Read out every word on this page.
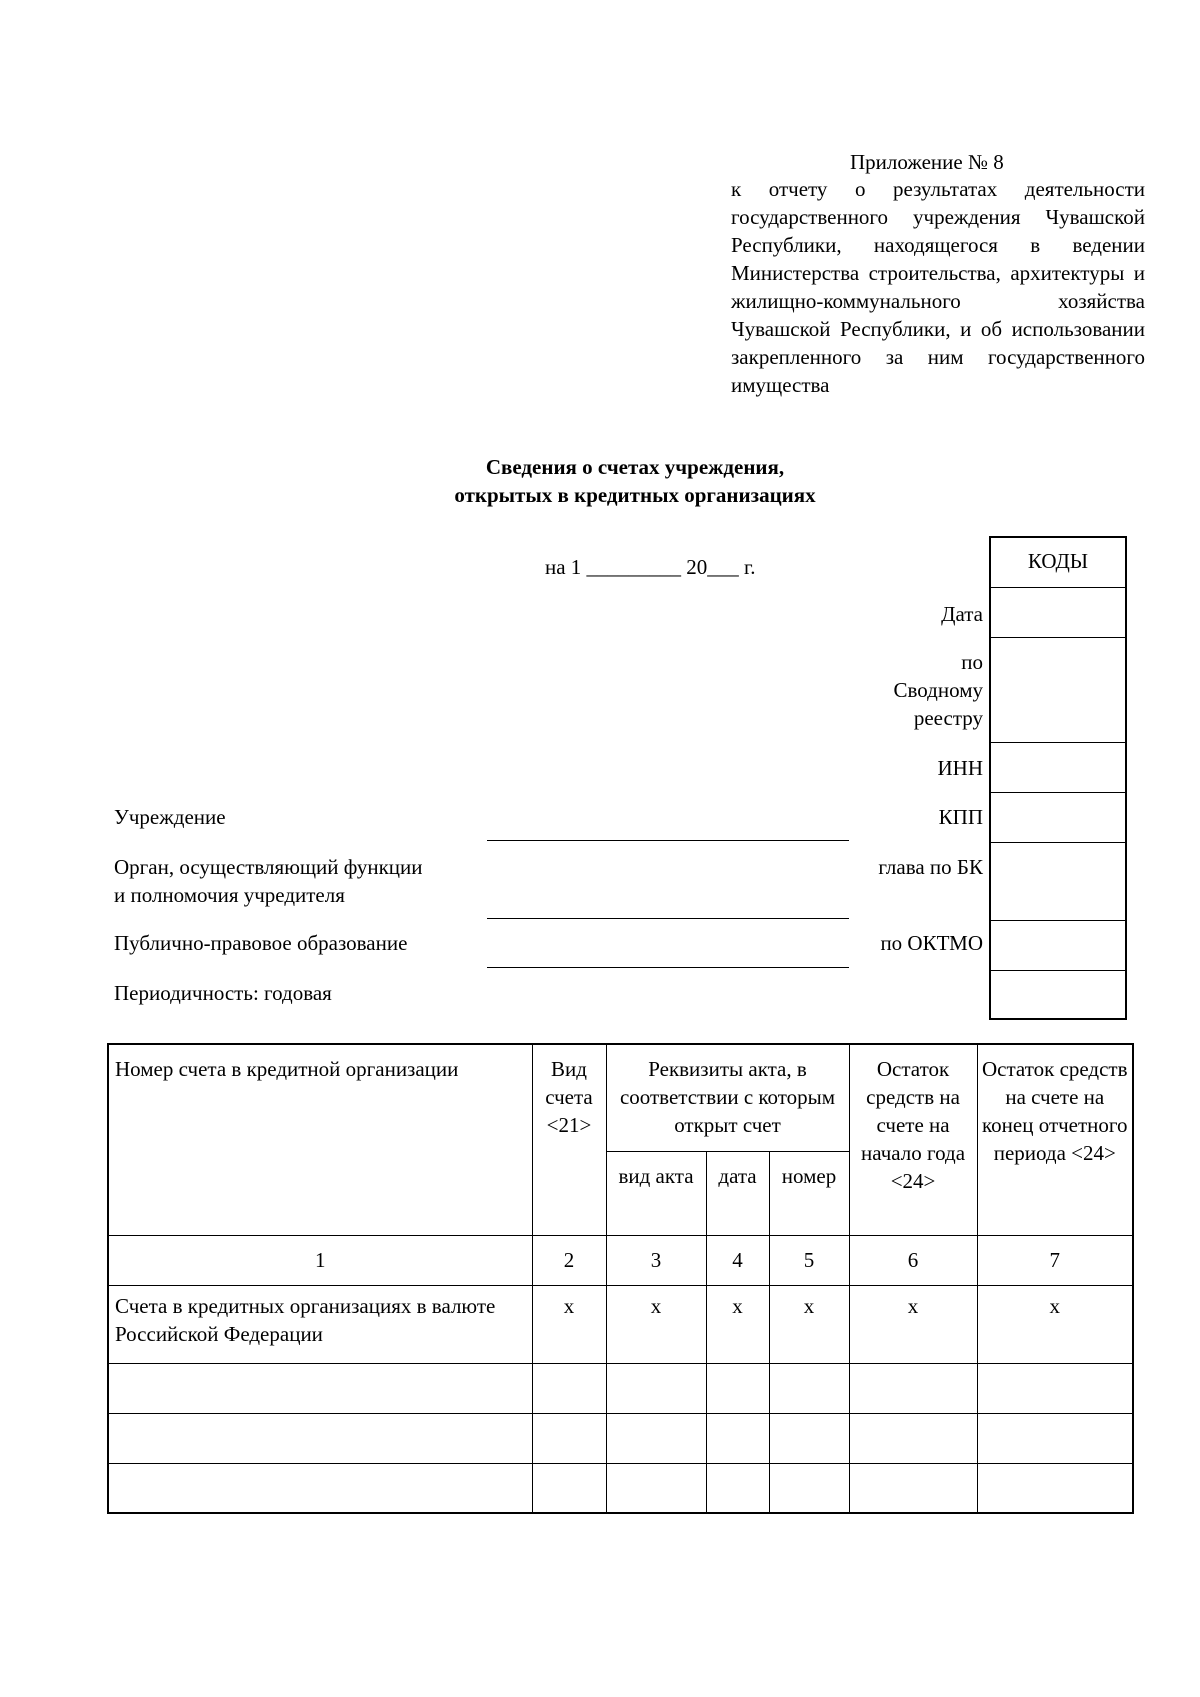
Приложение № 8
к отчету о результатах деятельности государственного учреждения Чувашской Республики, находящегося в ведении Министерства строительства, архитектуры и жилищно-коммунального хозяйства Чувашской Республики, и об использовании закрепленного за ним государственного имущества
Сведения о счетах учреждения,
открытых в кредитных организациях
на 1 _________ 20___ г.	КОДЫ
Дата
по
Сводному
реестру
ИНН
КПП
глава по БК
по ОКТМО
Учреждение
Орган, осуществляющий функции
и полномочия учредителя
Публично-правовое образование
Периодичность: годовая
Номер счета в кредитной организации	Вид счета <21>	Реквизиты акта, в соответствии с которым открыт счет			Остаток средств на счете на начало года <24>	Остаток средств на счете на конец отчетного периода <24>
		вид акта	дата	номер		
1	2	3	4	5	6	7
Счета в кредитных организациях в валюте Российской Федерации	x	x	x	x	x	x
